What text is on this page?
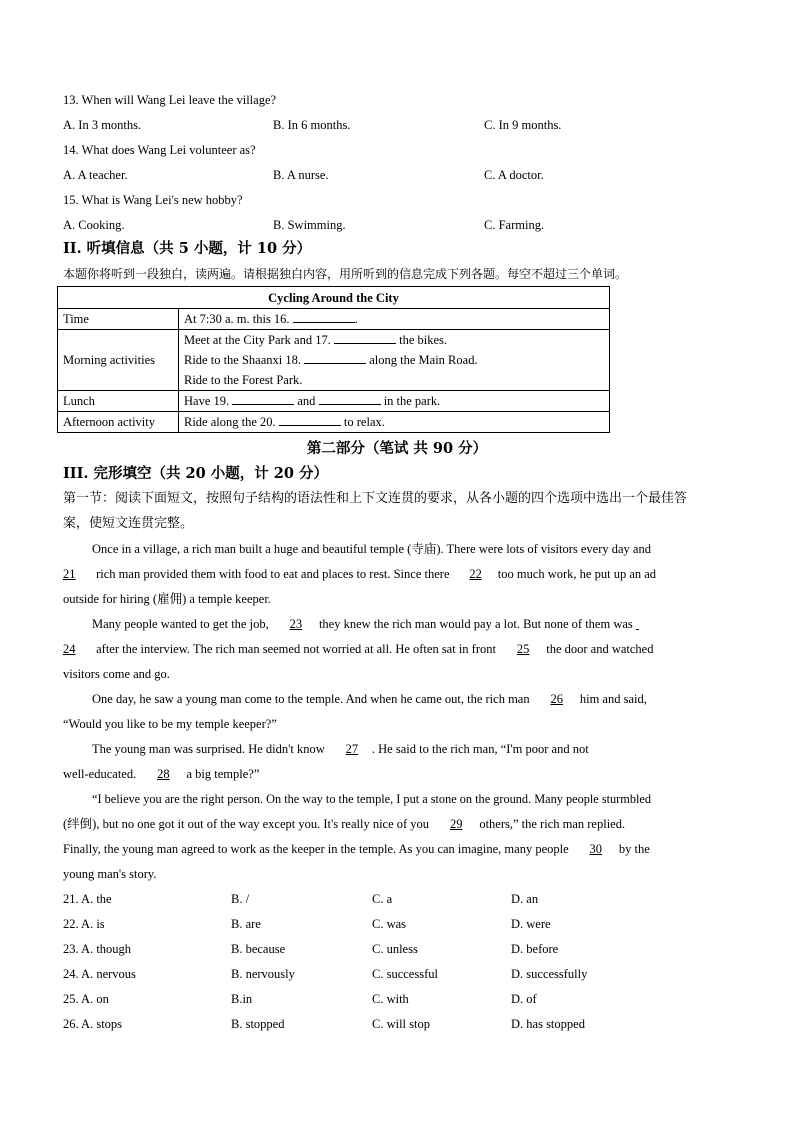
13. When will Wang Lei leave the village?
A. In 3 months.	B. In 6 months.	C. In 9 months.
14. What does Wang Lei volunteer as?
A. A teacher.	B. A nurse.	C. A doctor.
15. What is Wang Lei's new hobby?
A. Cooking.	B. Swimming.	C. Farming.
II. 听填信息（共 5 小题，计 10 分）
本题你将听到一段独白，读两遍。请根据独白内容，用所听到的信息完成下列各题。每空不超过三个单词。
Cycling Around the City	
Time	At 7:30 a. m. this 16. .
Morning activities	Meet at the City Park and 17. the bikes.
Ride to the Shaanxi 18. along the Main Road.
Ride to the Forest Park.

Lunch	Have 19. and in the park.
Afternoon activity	Ride along the 20. to relax.
第二部分（笔试 共 90 分）
III. 完形填空（共 20 小题，计 20 分）
第一节：阅读下面短文，按照句子结构的语法性和上下文连贯的要求，从各小题的四个选项中选出一个最佳答
案，使短文连贯完整。
Once in a village, a rich man built a huge and beautiful temple (寺庙). There were lots of visitors every day and
21 rich man provided them with food to eat and places to rest. Since there 22 too much work, he put up an ad
outside for hiring (雇佣) a temple keeper.
Many people wanted to get the job, 23 they knew the rich man would pay a lot. But none of them was
24 after the interview. The rich man seemed not worried at all. He often sat in front 25 the door and watched
visitors come and go.
One day, he saw a young man come to the temple. And when he came out, the rich man 26 him and said,
“Would you like to be my temple keeper?”
The young man was surprised. He didn't know 27 . He said to the rich man, “I'm poor and not
well-educated. 28 a big temple?”
“I believe you are the right person. On the way to the temple, I put a stone on the ground. Many people sturmbled
(绊倒), but no one got it out of the way except you. It's really nice of you 29 others,” the rich man replied.
Finally, the young man agreed to work as the keeper in the temple. As you can imagine, many people 30 by the
young man's story.
21. A. the	B. /	C. a	D. an
22. A. is	B. are	C. was	D. were
23. A. though	B. because	C. unless	D. before
24. A. nervous	B. nervously	C. successful	D. successfully
25. A. on	B.in	C. with	D. of
26. A. stops	B. stopped	C. will stop	D. has stopped
